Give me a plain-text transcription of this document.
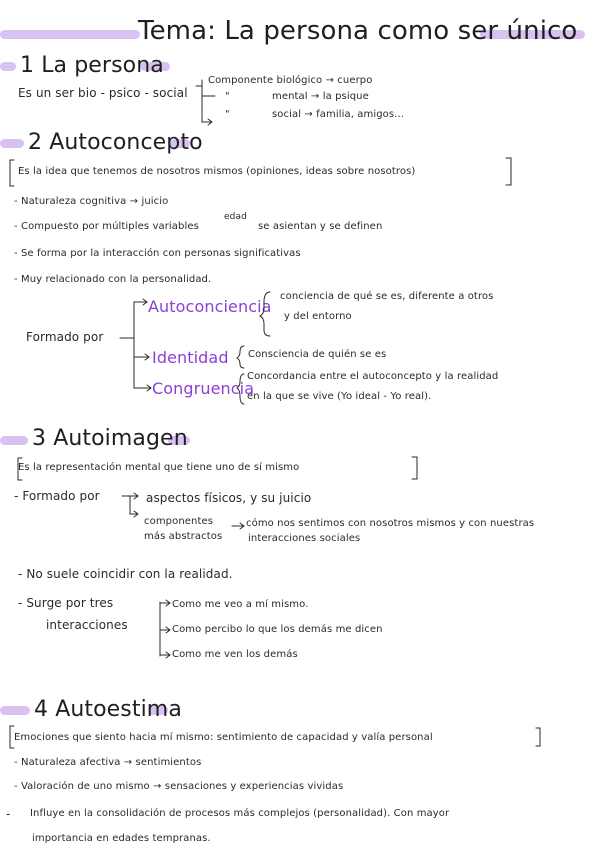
Tema: La persona como ser único
1 La persona
Es un ser bio - psico - social
Componente biológico → cuerpo
"	mental → la psique
"	social → familia, amigos...
2 Autoconcepto
Es la idea que tenemos de nosotros mismos (opiniones, ideas sobre nosotros)
- Naturaleza cognitiva → juicio
- Compuesto por múltiples variables
edad
se asientan y se definen
- Se forma por la interacción con personas significativas
- Muy relacionado con la personalidad.
Formado por
Autoconciencia
conciencia de qué se es, diferente a otros
y del entorno
Identidad Consciencia de quién se es
Congruencia
Concordancia entre el autoconcepto y la realidad
en la que se vive (Yo ideal - Yo real).
3 Autoimagen
Es la representación mental que tiene uno de sí mismo
- Formado por	aspectos físicos, y su juicio
componentes
más abstractos
cómo nos sentimos con nosotros mismos y con nuestras
interacciones sociales
- No suele coincidir con la realidad.
- Surge por tres
interacciones
Como me veo a mí mismo.
Como percibo lo que los demás me dicen
Como me ven los demás
4 Autoestima
Emociones que siento hacia mí mismo: sentimiento de capacidad y valía personal
- Naturaleza afectiva → sentimientos
- Valoración de uno mismo → sensaciones y experiencias vividas
- Influye en la consolidación de procesos más complejos (personalidad). Con mayor
importancia en edades tempranas.
